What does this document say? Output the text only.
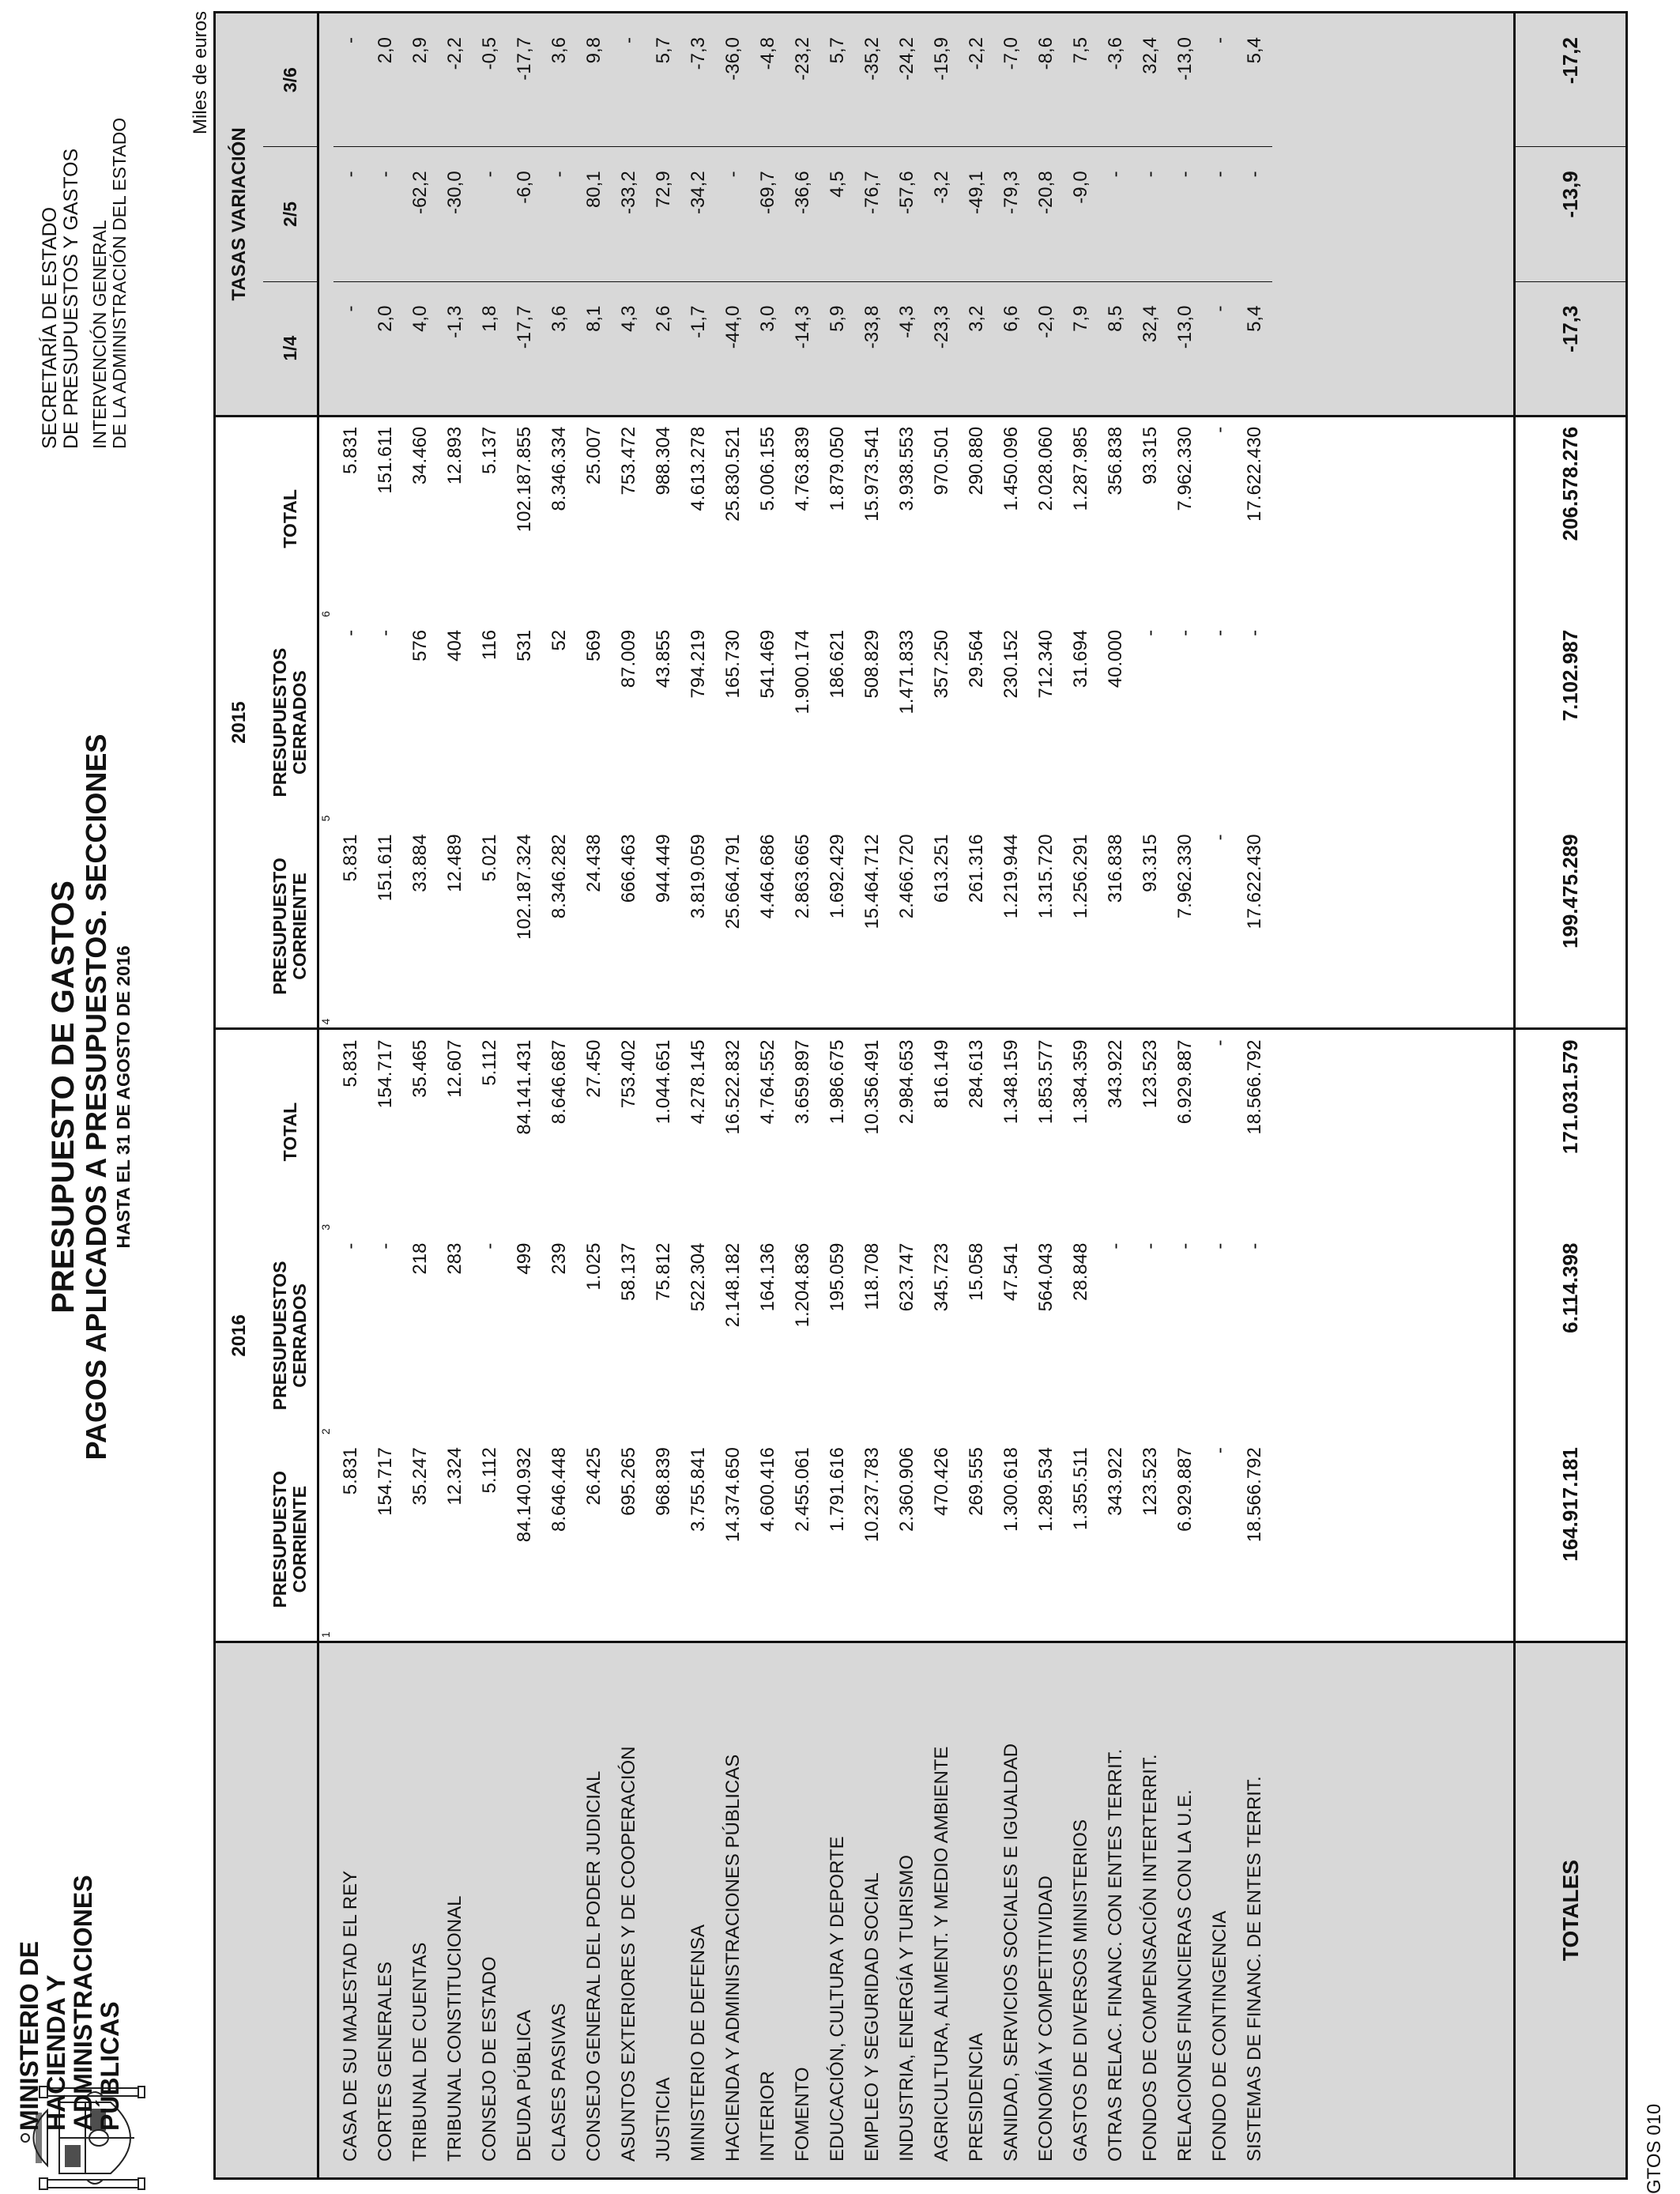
MINISTERIO DE
HACIENDA Y
ADMINISTRACIONES
PÚBLICAS
PRESUPUESTO DE GASTOS PAGOS APLICADOS A PRESUPUESTOS. SECCIONES HASTA EL 31 DE AGOSTO DE 2016
SECRETARÍA DE ESTADO DE PRESUPUESTOS Y GASTOS INTERVENCIÓN GENERAL DE LA ADMINISTRACIÓN DEL ESTADO
Miles de euros
	2016			2015			TASAS VARIACIÓN		
	PRESUPUESTO
CORRIENTE	PRESUPUESTOS
CERRADOS	TOTAL	PRESUPUESTO
CORRIENTE	PRESUPUESTOS
CERRADOS	TOTAL	1/4	2/5	3/6
	1	2	3	4	5	6			
CASA DE SU MAJESTAD EL REY	5.831	-	5.831	5.831	-	5.831	-	-	-
CORTES GENERALES	154.717	-	154.717	151.611	-	151.611	2,0	-	2,0
TRIBUNAL DE CUENTAS	35.247	218	35.465	33.884	576	34.460	4,0	-62,2	2,9
TRIBUNAL CONSTITUCIONAL	12.324	283	12.607	12.489	404	12.893	-1,3	-30,0	-2,2
CONSEJO DE ESTADO	5.112	-	5.112	5.021	116	5.137	1,8	-	-0,5
DEUDA PÚBLICA	84.140.932	499	84.141.431	102.187.324	531	102.187.855	-17,7	-6,0	-17,7
CLASES PASIVAS	8.646.448	239	8.646.687	8.346.282	52	8.346.334	3,6	-	3,6
CONSEJO GENERAL DEL PODER JUDICIAL	26.425	1.025	27.450	24.438	569	25.007	8,1	80,1	9,8
ASUNTOS EXTERIORES Y DE COOPERACIÓN	695.265	58.137	753.402	666.463	87.009	753.472	4,3	-33,2	-
JUSTICIA	968.839	75.812	1.044.651	944.449	43.855	988.304	2,6	72,9	5,7
MINISTERIO DE DEFENSA	3.755.841	522.304	4.278.145	3.819.059	794.219	4.613.278	-1,7	-34,2	-7,3
HACIENDA Y ADMINISTRACIONES PÚBLICAS	14.374.650	2.148.182	16.522.832	25.664.791	165.730	25.830.521	-44,0	-	-36,0
INTERIOR	4.600.416	164.136	4.764.552	4.464.686	541.469	5.006.155	3,0	-69,7	-4,8
FOMENTO	2.455.061	1.204.836	3.659.897	2.863.665	1.900.174	4.763.839	-14,3	-36,6	-23,2
EDUCACIÓN, CULTURA Y DEPORTE	1.791.616	195.059	1.986.675	1.692.429	186.621	1.879.050	5,9	4,5	5,7
EMPLEO Y SEGURIDAD SOCIAL	10.237.783	118.708	10.356.491	15.464.712	508.829	15.973.541	-33,8	-76,7	-35,2
INDUSTRIA, ENERGÍA Y TURISMO	2.360.906	623.747	2.984.653	2.466.720	1.471.833	3.938.553	-4,3	-57,6	-24,2
AGRICULTURA, ALIMENT. Y MEDIO AMBIENTE	470.426	345.723	816.149	613.251	357.250	970.501	-23,3	-3,2	-15,9
PRESIDENCIA	269.555	15.058	284.613	261.316	29.564	290.880	3,2	-49,1	-2,2
SANIDAD, SERVICIOS SOCIALES E IGUALDAD	1.300.618	47.541	1.348.159	1.219.944	230.152	1.450.096	6,6	-79,3	-7,0
ECONOMÍA Y COMPETITIVIDAD	1.289.534	564.043	1.853.577	1.315.720	712.340	2.028.060	-2,0	-20,8	-8,6
GASTOS DE DIVERSOS MINISTERIOS	1.355.511	28.848	1.384.359	1.256.291	31.694	1.287.985	7,9	-9,0	7,5
OTRAS RELAC. FINANC. CON ENTES TERRIT.	343.922	-	343.922	316.838	40.000	356.838	8,5	-	-3,6
FONDOS DE COMPENSACIÓN INTERTERRIT.	123.523	-	123.523	93.315	-	93.315	32,4	-	32,4
RELACIONES FINANCIERAS CON LA U.E.	6.929.887	-	6.929.887	7.962.330	-	7.962.330	-13,0	-	-13,0
FONDO DE CONTINGENCIA	-	-	-	-	-	-	-	-	-
SISTEMAS DE FINANC. DE ENTES TERRIT.	18.566.792	-	18.566.792	17.622.430	-	17.622.430	5,4	-	5,4

TOTALES	164.917.181	6.114.398	171.031.579	199.475.289	7.102.987	206.578.276	-17,3	-13,9	-17,2
GTOS 010
